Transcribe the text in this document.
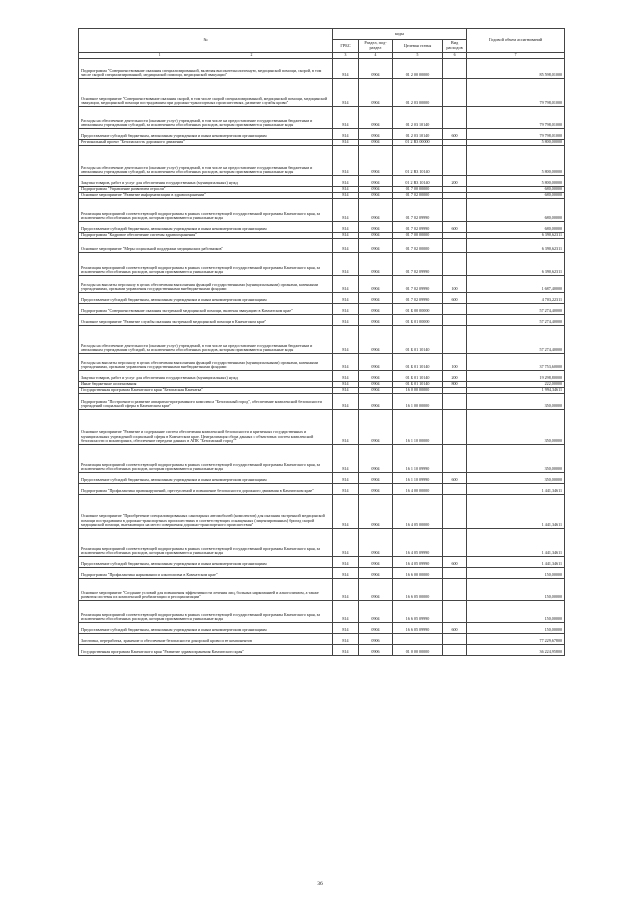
№	коды				Годовой объем ассигнований
	ГРБС	Раздел, под-раздел	Целевая статья	Вид расходов	
1 2	3	4	5	6	7
Подпрограмма "Совершенствование оказания специализированной, включая высокотехнологичную, медицинской помощи, скорой, в том числе скорой специализированной, медицинской помощи, медицинской эвакуации"	814	0904	01 2 00 00000		85 598,01000
Основное мероприятие "Совершенствование оказания скорой, в том числе скорой специализированной, медицинской помощи, медицинской эвакуации, медицинской помощи пострадавшим при дорожно-транспортных происшествиях, развитие службы крови"	814	0904	01 2 03 00000		79 798,01000
Расходы на обеспечение деятельности (оказание услуг) учреждений, в том числе на предоставление государственным бюджетным и автономным учреждениям субсидий, за исключением обособленных расходов, которым присваиваются уникальные коды	814	0904	01 2 03 10140		79 798,01000
Предоставление субсидий бюджетным, автономным учреждениям и иным некоммерческим организациям	814	0904	01 2 03 10140	600	79 798,01000
Региональный проект "Безопасность дорожного движения"	814	0904	01 2 R3 00000		5 800,00000
Расходы на обеспечение деятельности (оказание услуг) учреждений, в том числе на предоставление государственным бюджетным и автономным учреждениям субсидий, за исключением обособленных расходов, которым присваиваются уникальные коды	814	0904	01 2 R3 10140		5 800,00000
Закупка товаров, работ и услуг для обеспечения государственных (муниципальных) нужд	814	0904	01 2 R3 10140	200	5 800,00000
Подпрограмма "Управление развитием отрасли"	814	0904	01 7 00 00000		680,00000
Основное мероприятие "Развитие информатизации в здравоохранении"	814	0904	01 7 02 00000		680,00000
Реализация мероприятий соответствующей подпрограммы в рамках соответствующей государственной программы Камчатского края, за исключением обособленных расходов, которым присваиваются уникальные коды	814	0904	01 7 02 09990		680,00000
Предоставление субсидий бюджетным, автономным учреждениям и иным некоммерческим организациям	814	0904	01 7 02 09990	600	680,00000
Подпрограмма "Кадровое обеспечение системы здравоохранения"	814	0904	01 7 00 00000		6 390,62311
Основное мероприятие "Меры социальной поддержки медицинских работников"	814	0904	01 7 02 00000		6 390,62311
Реализация мероприятий соответствующей подпрограммы в рамках соответствующей государственной программы Камчатского края, за исключением обособленных расходов, которым присваиваются уникальные коды	814	0904	01 7 02 09990		6 390,62311
Расходы на выплаты персоналу в целях обеспечения выполнения функций государственными (муниципальными) органами, казенными учреждениями, органами управления государственными внебюджетными фондами	814	0904	01 7 02 09990	100	1 687,40000
Предоставление субсидий бюджетным, автономным учреждениям и иным некоммерческим организациям	814	0904	01 7 02 09990	600	4 703,22311
Подпрограмма "Совершенствование оказания экстренной медицинской помощи, включая эвакуацию в Камчатском крае"	814	0904	01 Б 00 00000		57 274,40000
Основное мероприятие "Развитие службы оказания экстренной медицинской помощи в Камчатском крае"	814	0904	01 Б 01 00000		57 274,40000
Расходы на обеспечение деятельности (оказание услуг) учреждений, в том числе на предоставление государственным бюджетным и автономным учреждениям субсидий, за исключением обособленных расходов, которым присваиваются уникальные коды	814	0904	01 Б 01 10140		57 274,40000
Расходы на выплаты персоналу в целях обеспечения выполнения функций государственными (муниципальными) органами, казенными учреждениями, органами управления государственными внебюджетными фондами	814	0904	01 Б 01 10140	100	37 753,60000
Закупка товаров, работ и услуг для обеспечения государственных (муниципальных) нужд	814	0904	01 Б 01 10140	200	19 298,80000
Иные бюджетные ассигнования	814	0904	01 Б 01 10140	800	222,00000
Государственная программа Камчатского края "Безопасная Камчатка"	814	0904	16 0 00 00000		1 994,34611
Подпрограмма "Построение и развитие аппаратно-программного комплекса "Безопасный город", обеспечение комплексной безопасности учреждений социальной сферы в Камчатском крае"	814	0904	16 1 00 00000		350,00000
Основное мероприятие "Развитие и содержание систем обеспечения комплексной безопасности и критичных государственных и муниципальных учреждений социальной сферы в Камчатском крае. Централизация сбора данных с объектовых систем комплексной безопасности и мониторинга, обеспечение передачи данных в АПК "Безопасный город""	814	0904	16 1 10 00000		350,00000
Реализация мероприятий соответствующей подпрограммы в рамках соответствующей государственной программы Камчатского края, за исключением обособленных расходов, которым присваиваются уникальные коды	814	0904	16 1 10 09990		350,00000
Предоставление субсидий бюджетным, автономным учреждениям и иным некоммерческим организациям	814	0904	16 1 10 09990	600	350,00000
Подпрограмма "Профилактика правонарушений, преступлений и повышение безопасности дорожного движения в Камчатском крае"	814	0904	16 4 00 00000		1 441,34611
Основное мероприятие "Приобретение специализированных санитарных автомобилей (комплектов) для оказания экстренной медицинской помощи пострадавшим в дорожно-транспортных происшествиях в соответствующих оснащенных (лицензированных) бригад скорой медицинской помощи, выезжающих на место совершения дорожно-транспортного происшествия"	814	0904	16 4 05 00000		1 441,34611
Реализация мероприятий соответствующей подпрограммы в рамках соответствующей государственной программы Камчатского края, за исключением обособленных расходов, которым присваиваются уникальные коды	814	0904	16 4 05 09990		1 441,34611
Предоставление субсидий бюджетным, автономным учреждениям и иным некоммерческим организациям	814	0904	16 4 05 09990	600	1 441,34611
Подпрограмма "Профилактика наркомании и алкоголизма в Камчатском крае"	814	0904	16 6 00 00000		150,00000
Основное мероприятие "Создание условий для повышения эффективности лечения лиц, больных наркоманией и алкоголизмом, а также развития системы их комплексной реабилитации и ресоциализации"	814	0904	16 6 05 00000		150,00000
Реализация мероприятий соответствующей подпрограммы в рамках соответствующей государственной программы Камчатского края, за исключением обособленных расходов, которым присваиваются уникальные коды	814	0904	16 6 05 09990		150,00000
Предоставление субсидий бюджетным, автономным учреждениям и иным некоммерческим организациям	814	0904	16 6 05 09990	600	150,00000
Заготовка, переработка, хранение и обеспечение безопасности донорской крови и ее компонентов	814	0906			77 229,67800
Государственная программа Камчатского края "Развитие здравоохранения Камчатского края"	814	0906	01 0 00 00000		36 224,95800
36
